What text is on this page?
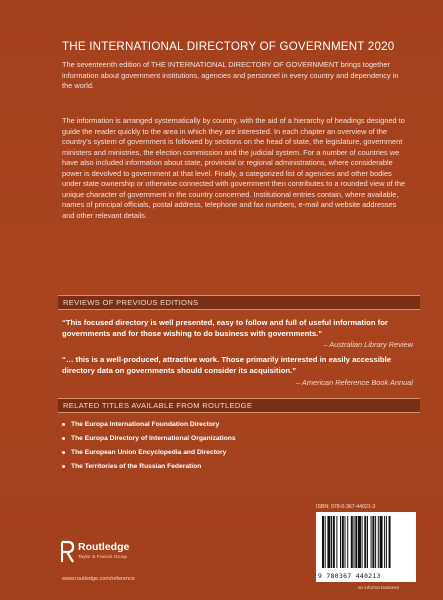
THE INTERNATIONAL DIRECTORY OF GOVERNMENT 2020
The seventeenth edition of THE INTERNATIONAL DIRECTORY OF GOVERNMENT brings together information about government institutions, agencies and personnel in every country and dependency in the world.
The information is arranged systematically by country, with the aid of a hierarchy of headings designed to guide the reader quickly to the area in which they are interested. In each chapter an overview of the country's system of government is followed by sections on the head of state, the legislature, government ministers and ministries, the election commission and the judicial system. For a number of countries we have also included information about state, provincial or regional administrations, where considerable power is devolved to government at that level. Finally, a categorized list of agencies and other bodies under state ownership or otherwise connected with government then contributes to a rounded view of the unique character of government in the country concerned. Institutional entries contain, where available, names of principal officials, postal address, telephone and fax numbers, e-mail and website addresses and other relevant details.
REVIEWS OF PREVIOUS EDITIONS
“This focused directory is well presented, easy to follow and full of useful information for governments and for those wishing to do business with governments.”
– Australian Library Review
“… this is a well-produced, attractive work. Those primarily interested in easily accessible directory data on governments should consider its acquisition.”
– American Reference Book Annual
RELATED TITLES AVAILABLE FROM ROUTLEDGE
The Europa International Foundation Directory
The Europa Directory of International Organizations
The European Union Encyclopedia and Directory
The Territories of the Russian Federation
Routledge
Taylor & Francis Group
www.routledge.com/reference
ISBN: 978-0-367-44021-3
9 780367 440213
an informa business
